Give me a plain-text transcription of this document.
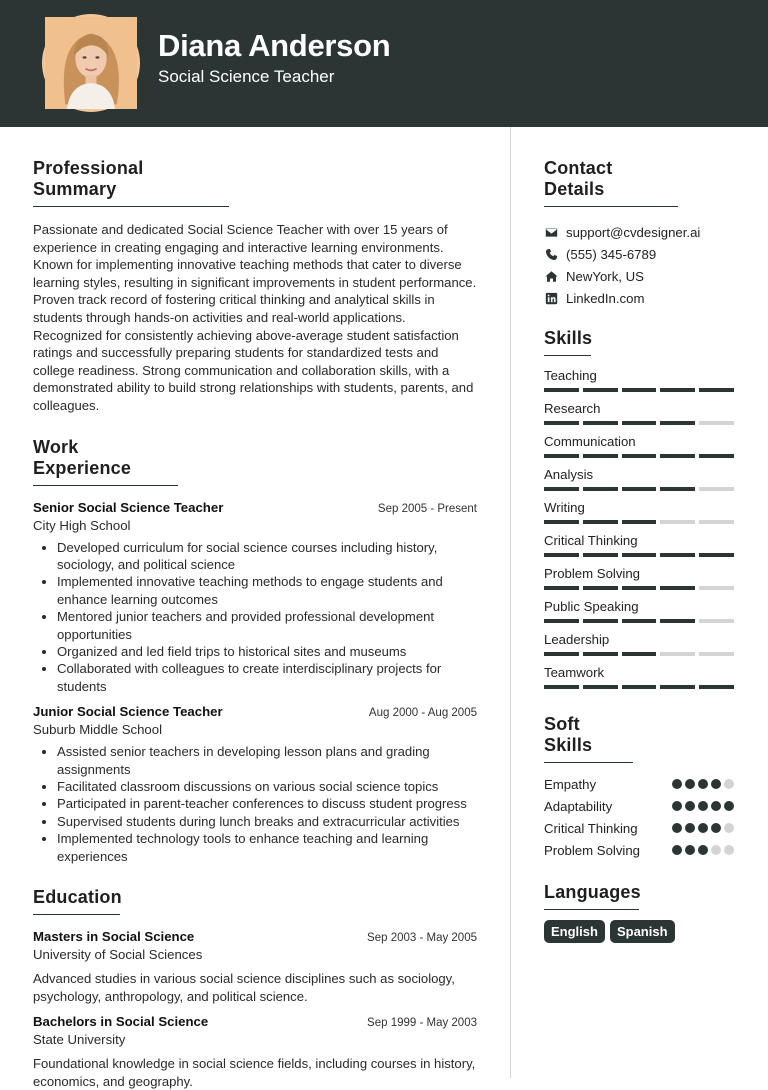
Diana Anderson
Social Science Teacher
Professional Summary

Passionate and dedicated Social Science Teacher with over 15 years of experience in creating engaging and interactive learning environments. Known for implementing innovative teaching methods that cater to diverse learning styles, resulting in significant improvements in student performance. Proven track record of fostering critical thinking and analytical skills in students through hands-on activities and real-world applications. Recognized for consistently achieving above-average student satisfaction ratings and successfully preparing students for standardized tests and college readiness. Strong communication and collaboration skills, with a demonstrated ability to build strong relationships with students, parents, and colleagues.

Work Experience
Senior Social Science Teacher	Sep 2005 - Present
City High School
• Developed curriculum for social science courses including history, sociology, and political science
• Implemented innovative teaching methods to engage students and enhance learning outcomes
• Mentored junior teachers and provided professional development opportunities
• Organized and led field trips to historical sites and museums
• Collaborated with colleagues to create interdisciplinary projects for students
Junior Social Science Teacher	Aug 2000 - Aug 2005
Suburb Middle School
• Assisted senior teachers in developing lesson plans and grading assignments
• Facilitated classroom discussions on various social science topics
• Participated in parent-teacher conferences to discuss student progress
• Supervised students during lunch breaks and extracurricular activities
• Implemented technology tools to enhance teaching and learning experiences
Education
Masters in Social Science	Sep 2003 - May 2005
University of Social Sciences

Advanced studies in various social science disciplines such as sociology, psychology, anthropology, and political science.

Bachelors in Social Science	Sep 1999 - May 2003
State University

Foundational knowledge in social science fields, including courses in history, economics, and geography.

Contact Details
support@cvdesigner.ai
(555) 345-6789
NewYork, US
LinkedIn.com
Skills
Teaching
Research
Communication
Analysis
Writing
Critical Thinking
Problem Solving
Public Speaking
Leadership
Teamwork
Soft Skills
Empathy
Adaptability
Critical Thinking
Problem Solving
Languages
English	Spanish
